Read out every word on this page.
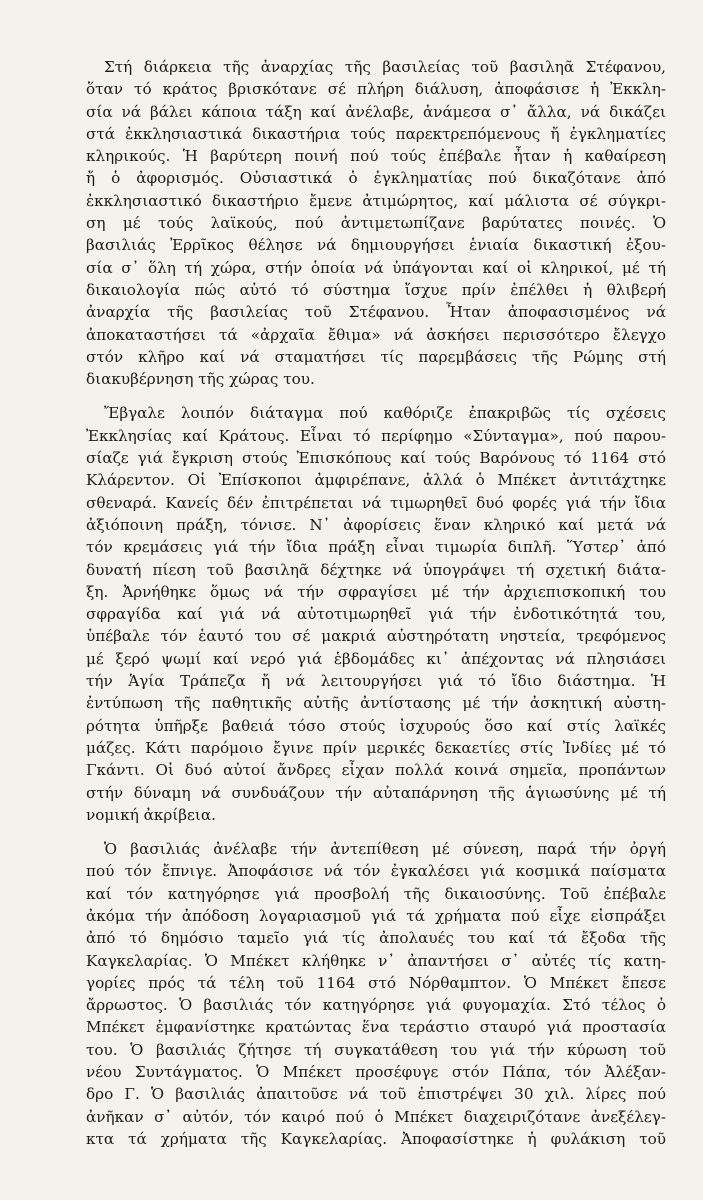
Στή διάρκεια τῆς ἀναρχίας τῆς βασιλείας τοῦ βασιληᾶ Στέφανου,
ὅταν τό κράτος βρισκότανε σέ πλήρη διάλυση, ἀποφάσισε ἡ Ἐκκλη-
σία νά βάλει κάποια τάξη καί ἀνέλαβε, ἀνάμεσα σ᾿ ἄλλα, νά δικάζει
στά ἐκκλησιαστικά δικαστήρια τούς παρεκτρεπόμενους ἤ ἐγκληματίες
κληρικούς. Ἡ βαρύτερη ποινή πού τούς ἐπέβαλε ἦταν ἡ καθαίρεση
ἤ ὁ ἀφορισμός. Οὐσιαστικά ὁ ἐγκληματίας πού δικαζότανε ἀπό
ἐκκλησιαστικό δικαστήριο ἔμενε ἀτιμώρητος, καί μάλιστα σέ σύγκρι-
ση μέ τούς λαϊκούς, πού ἀντιμετωπίζανε βαρύτατες ποινές. Ὁ
βασιλιάς Ἐρρῖκος θέλησε νά δημιουργήσει ἑνιαία δικαστική ἐξου-
σία σ᾿ ὅλη τή χώρα, στήν ὁποία νά ὑπάγονται καί οἱ κληρικοί, μέ τή
δικαιολογία πώς αὐτό τό σύστημα ἴσχυε πρίν ἐπέλθει ἡ θλιβερή
ἀναρχία τῆς βασιλείας τοῦ Στέφανου. Ἦταν ἀποφασισμένος νά
ἀποκαταστήσει τά «ἀρχαῖα ἔθιμα» νά ἀσκήσει περισσότερο ἔλεγχο
στόν κλῆρο καί νά σταματήσει τίς παρεμβάσεις τῆς Ρώμης στή
διακυβέρνηση τῆς χώρας του.
Ἔβγαλε λοιπόν διάταγμα πού καθόριζε ἐπακριβῶς τίς σχέσεις
Ἐκκλησίας καί Κράτους. Εἶναι τό περίφημο «Σύνταγμα», πού παρου-
σίαζε γιά ἔγκριση στούς Ἐπισκόπους καί τούς Βαρόνους τό 1164 στό
Κλάρεντον. Οἱ Ἐπίσκοποι ἀμφιρέπανε, ἀλλά ὁ Μπέκετ ἀντιτάχτηκε
σθεναρά. Κανείς δέν ἐπιτρέπεται νά τιμωρηθεῖ δυό φορές γιά τήν ἴδια
ἀξιόποινη πράξη, τόνισε. Ν᾿ ἀφορίσεις ἕναν κληρικό καί μετά νά
τόν κρεμάσεις γιά τήν ἴδια πράξη εἶναι τιμωρία διπλῆ. Ὕστερ᾿ ἀπό
δυνατή πίεση τοῦ βασιληᾶ δέχτηκε νά ὑπογράψει τή σχετική διάτα-
ξη. Ἀρνήθηκε ὅμως νά τήν σφραγίσει μέ τήν ἀρχιεπισκοπική του
σφραγίδα καί γιά νά αὐτοτιμωρηθεῖ γιά τήν ἐνδοτικότητά του,
ὑπέβαλε τόν ἑαυτό του σέ μακριά αὐστηρότατη νηστεία, τρεφόμενος
μέ ξερό ψωμί καί νερό γιά ἑβδομάδες κι᾿ ἀπέχοντας νά πλησιάσει
τήν Ἁγία Τράπεζα ἤ νά λειτουργήσει γιά τό ἴδιο διάστημα. Ἡ
ἐντύπωση τῆς παθητικῆς αὐτῆς ἀντίστασης μέ τήν ἀσκητική αὐστη-
ρότητα ὑπῆρξε βαθειά τόσο στούς ἰσχυρούς ὅσο καί στίς λαϊκές
μάζες. Κάτι παρόμοιο ἔγινε πρίν μερικές δεκαετίες στίς Ἰνδίες μέ τό
Γκάντι. Οἱ δυό αὐτοί ἄνδρες εἶχαν πολλά κοινά σημεῖα, προπάντων
στήν δύναμη νά συνδυάζουν τήν αὐταπάρνηση τῆς ἁγιωσύνης μέ τή
νομική ἀκρίβεια.
Ὁ βασιλιάς ἀνέλαβε τήν ἀντεπίθεση μέ σύνεση, παρά τήν ὀργή
πού τόν ἔπνιγε. Ἀποφάσισε νά τόν ἐγκαλέσει γιά κοσμικά παίσματα
καί τόν κατηγόρησε γιά προσβολή τῆς δικαιοσύνης. Τοῦ ἐπέβαλε
ἀκόμα τήν ἀπόδοση λογαριασμοῦ γιά τά χρήματα πού εἶχε εἰσπράξει
ἀπό τό δημόσιο ταμεῖο γιά τίς ἀπολαυές του καί τά ἔξοδα τῆς
Καγκελαρίας. Ὁ Μπέκετ κλήθηκε ν᾿ ἀπαντήσει σ᾿ αὐτές τίς κατη-
γορίες πρός τά τέλη τοῦ 1164 στό Νόρθαμπτον. Ὁ Μπέκετ ἔπεσε
ἄρρωστος. Ὁ βασιλιάς τόν κατηγόρησε γιά φυγομαχία. Στό τέλος ὁ
Μπέκετ ἐμφανίστηκε κρατώντας ἕνα τεράστιο σταυρό γιά προστασία
του. Ὁ βασιλιάς ζήτησε τή συγκατάθεση του γιά τήν κύρωση τοῦ
νέου Συντάγματος. Ὁ Μπέκετ προσέφυγε στόν Πάπα, τόν Ἀλέξαν-
δρο Γ. Ὁ βασιλιάς ἀπαιτοῦσε νά τοῦ ἐπιστρέψει 30 χιλ. λίρες πού
ἀνῆκαν σ᾿ αὐτόν, τόν καιρό πού ὁ Μπέκετ διαχειριζότανε ἀνεξέλεγ-
κτα τά χρήματα τῆς Καγκελαρίας. Ἀποφασίστηκε ἡ φυλάκιση τοῦ
